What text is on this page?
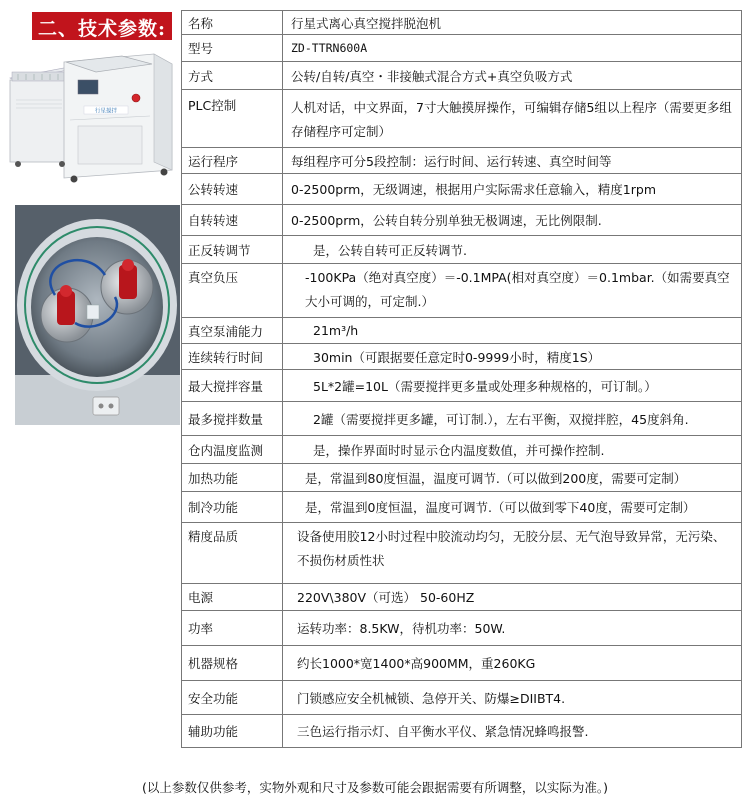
二、技术参数:
行星搅拌
名称	行星式离心真空搅拌脱泡机
型号	ZD-TTRN600A
方式	公转/自转/真空・非接触式混合方式+真空负吸方式
PLC控制	人机对话，中文界面，7寸大触摸屏操作，可编辑存储5组以上程序（需要更多组存储程序可定制）
运行程序	每组程序可分5段控制：运行时间、运行转速、真空时间等
公转转速	0-2500prm，无级调速，根据用户实际需求任意输入，精度1rpm
自转转速	0-2500prm，公转自转分别单独无极调速，无比例限制.
正反转调节	是，公转自转可正反转调节.
真空负压	-100KPa（绝对真空度）＝-0.1MPA(相对真空度）＝0.1mbar.（如需要真空大小可调的，可定制.）
真空泵浦能力	21m³/h
连续转行时间	30min（可跟据要任意定时0-9999小时，精度1S）
最大搅拌容量	5L*2罐=10L（需要搅拌更多量或处理多种规格的，可订制。）
最多搅拌数量	2罐（需要搅拌更多罐，可订制.），左右平衡，双搅拌腔，45度斜角.
仓内温度监测	是，操作界面时时显示仓内温度数值，并可操作控制.
加热功能	是，常温到80度恒温，温度可调节.（可以做到200度，需要可定制）
制冷功能	是，常温到0度恒温，温度可调节.（可以做到零下40度，需要可定制）
精度品质	设备使用胶12小时过程中胶流动均匀，无胶分层、无气泡导致异常，无污染、不损伤材质性状
电源	220V\380V（可选） 50-60HZ
功率	运转功率：8.5KW，待机功率：50W.
机器规格	约长1000*宽1400*高900MM，重260KG
安全功能	门锁感应安全机械锁、急停开关、防爆≥DIIBT4.
辅助功能	三色运行指示灯、自平衡水平仪、紧急情况蜂鸣报警.
(以上参数仅供参考，实物外观和尺寸及参数可能会跟据需要有所调整，以实际为准。)
